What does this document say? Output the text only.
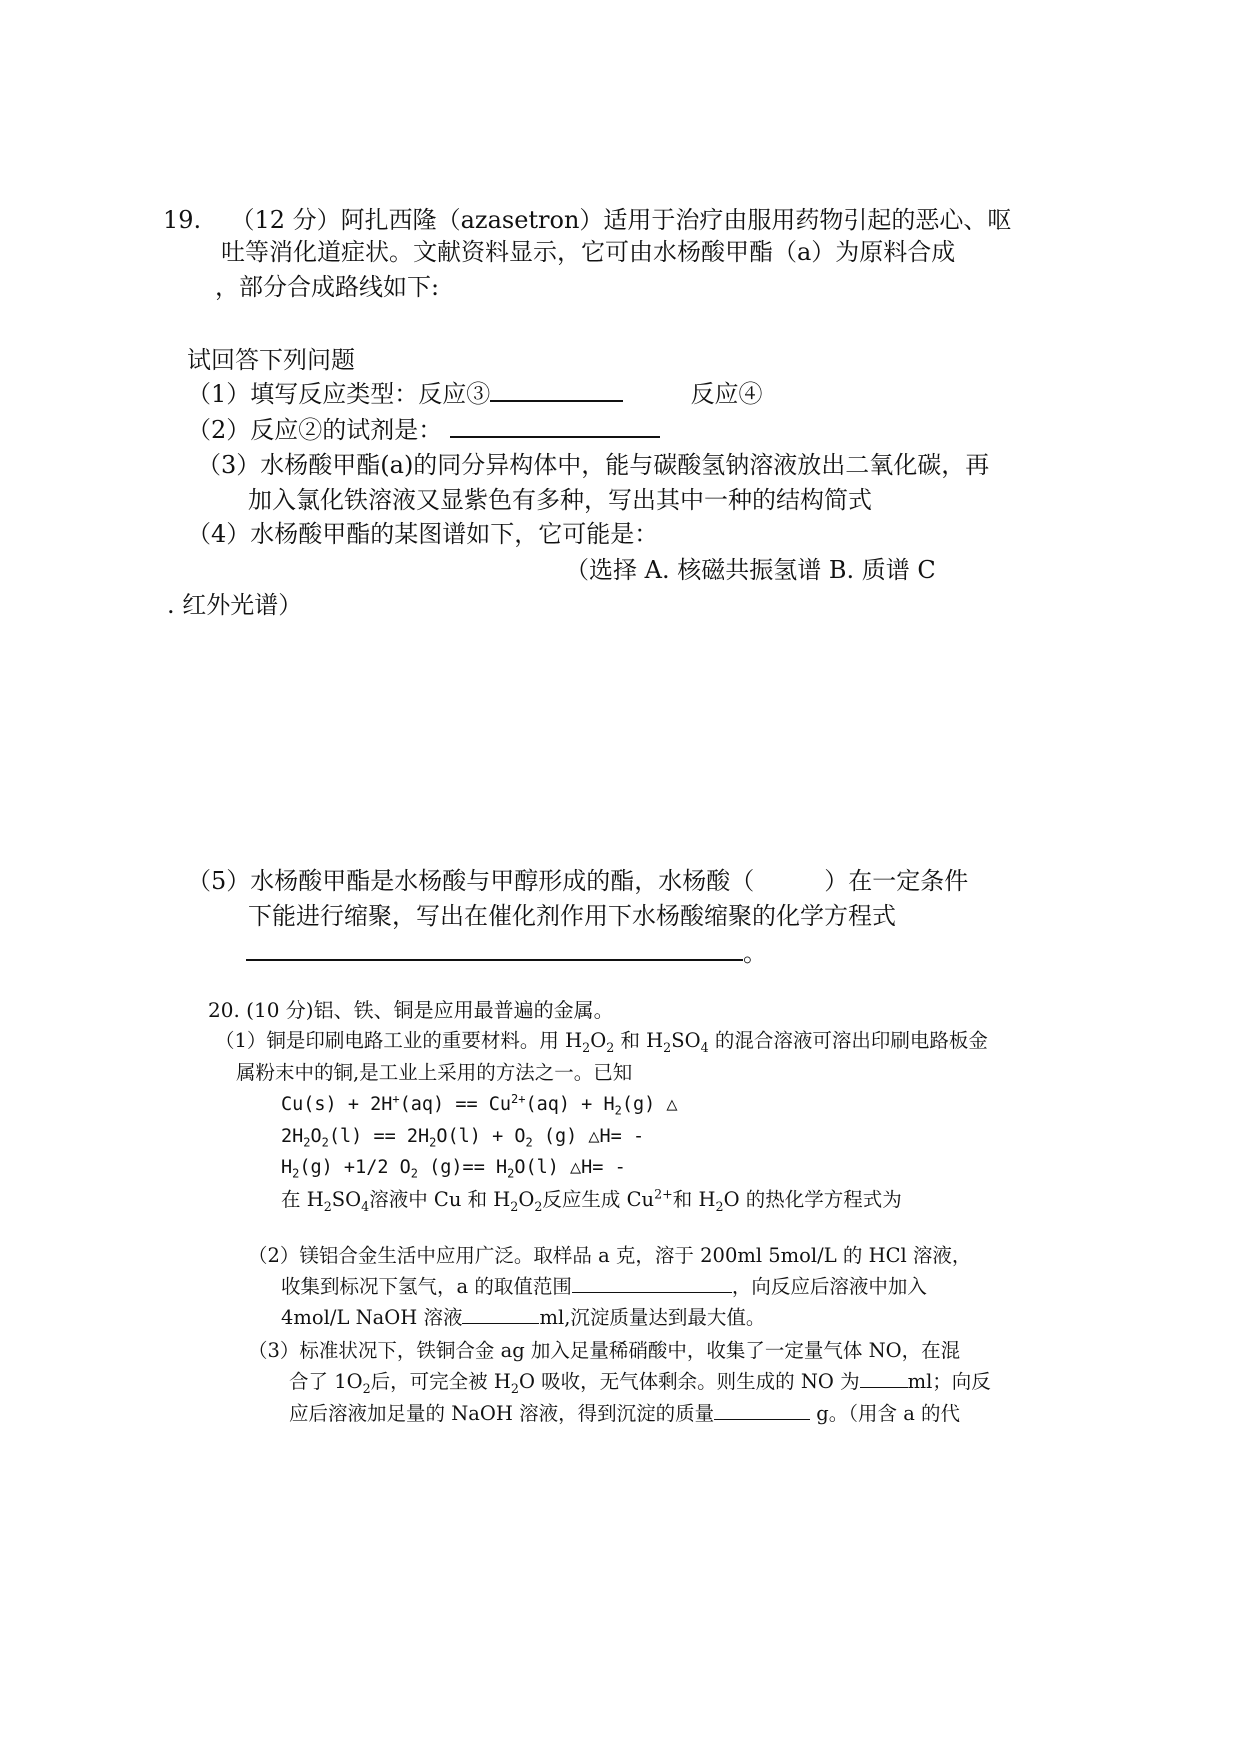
19. （12 分）阿扎西隆（azasetron）适用于治疗由服用药物引起的恶心、呕
吐等消化道症状。文献资料显示，它可由水杨酸甲酯（a）为原料合成
，部分合成路线如下:
试回答下列问题
（1）填写反应类型：反应③	反应④
（2）反应②的试剂是：
（3）水杨酸甲酯(a)的同分异构体中，能与碳酸氢钠溶液放出二氧化碳，再
加入氯化铁溶液又显紫色有多种，写出其中一种的结构简式
（4）水杨酸甲酯的某图谱如下，它可能是：
（选择 A. 核磁共振氢谱 B. 质谱 C
. 红外光谱）
（5）水杨酸甲酯是水杨酸与甲醇形成的酯，水杨酸（	）在一定条件
下能进行缩聚，写出在催化剂作用下水杨酸缩聚的化学方程式
。
20. (10 分)铝、铁、铜是应用最普遍的金属。
（1）铜是印刷电路工业的重要材料。用 $H_2O_2$ 和 $H_2SO_4$ 的混合溶液可溶出印刷电路板金
属粉末中的铜,是工业上采用的方法之一。已知
$Cu(s) + 2H^+(aq) == Cu^{2+}(aq) + H_2(g)$ △
$2H_2O_2(l) == 2H_2O(l) + O_2$ (g) △H= -
$H_2(g) +1/2$ $O_2$ $(g)== H_2O(l)$ △H= -
在 $H_2SO_4$溶液中 Cu 和 $H_2O_2$反应生成 $Cu^{2+}$和 $H_2O$ 的热化学方程式为
（2）镁铝合金生活中应用广泛。取样品 a 克，溶于 200ml 5mol/L 的 HCl 溶液，
收集到标况下氢气，a 的取值范围	，向反应后溶液中加入
4mol/L NaOH 溶液	ml,沉淀质量达到最大值。
（3）标准状况下，铁铜合金 ag 加入足量稀硝酸中，收集了一定量气体 NO，在混
合了 $1O_2$后，可完全被 $H_2O$ 吸收，无气体剩余。则生成的 NO 为 ml；向反
应后溶液加足量的 NaOH 溶液，得到沉淀的质量	g。（用含 a 的代
